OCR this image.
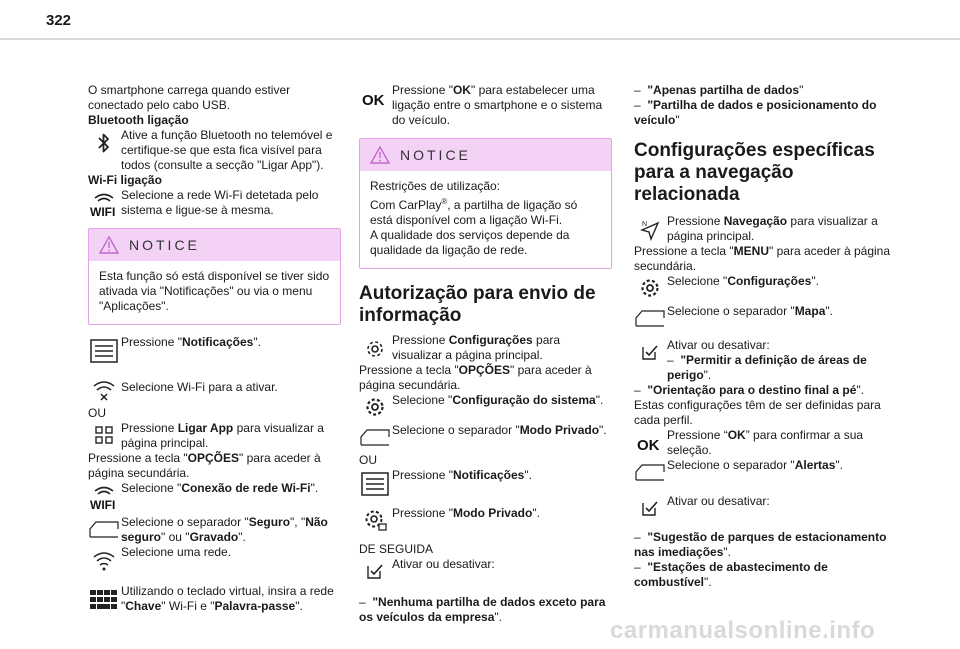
322

O smartphone carrega quando estiver conectado pelo cabo USB.

Bluetooth ligação

Ative a função Bluetooth no telemóvel e certifique-se que esta fica visível para todos (consulte a secção "Ligar App").

Wi-Fi ligação

WIFI

Selecione a rede Wi-Fi detetada pelo sistema e ligue-se à mesma.

NOTICE
Esta função só está disponível se tiver sido ativada via "Notificações" ou via o menu "Aplicações".

Pressione "Notificações".

Selecione Wi-Fi para a ativar.

OU

Pressione Ligar App para visualizar a página principal.

Pressione a tecla "OPÇÕES" para aceder à página secundária.

WIFI

Selecione "Conexão de rede Wi-Fi".

Selecione o separador "Seguro", "Não seguro" ou "Gravado".

Selecione uma rede.

Utilizando o teclado virtual, insira a rede "Chave" Wi-Fi e "Palavra-passe".

OK

Pressione "OK" para estabelecer uma ligação entre o smartphone e o sistema do veículo.

NOTICE
Restrições de utilização:
Com CarPlay®, a partilha de ligação só está disponível com a ligação Wi-Fi.
A qualidade dos serviços depende da qualidade da ligação de rede.
Autorização para envio de informação

Pressione Configurações para visualizar a página principal.

Pressione a tecla "OPÇÕES" para aceder à página secundária.

Selecione "Configuração do sistema".

Selecione o separador "Modo Privado".

OU

Pressione "Notificações".

Pressione "Modo Privado".

DE SEGUIDA

Ativar ou desativar:

– "Nenhuma partilha de dados exceto para os veículos da empresa".

– "Apenas partilha de dados"

– "Partilha de dados e posicionamento do veículo"

Configurações específicas para a navegação relacionada
N	Pressione Navegação para visualizar a página principal.

Pressione a tecla "MENU" para aceder à página secundária.

Selecione "Configurações".

Selecione o separador "Mapa".

Ativar ou desativar:

– "Permitir a definição de áreas de perigo".

– "Orientação para o destino final a pé".

Estas configurações têm de ser definidas para cada perfil.

OK

Pressione “OK” para confirmar a sua seleção.

Selecione o separador "Alertas".

Ativar ou desativar:

– "Sugestão de parques de estacionamento nas imediações".

– "Estações de abastecimento de combustível".

carmanualsonline.info
